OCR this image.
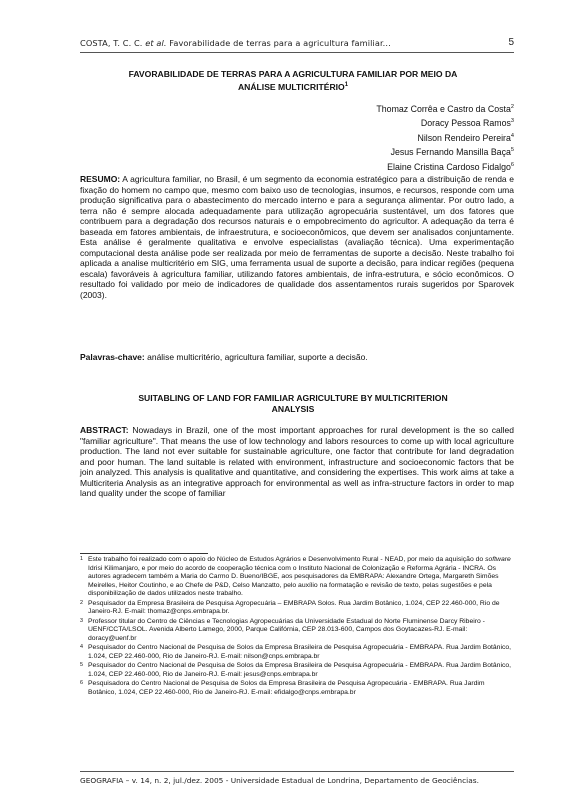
COSTA, T. C. C. et al. Favorabilidade de terras para a agricultura familiar...	5
FAVORABILIDADE DE TERRAS PARA A AGRICULTURA FAMILIAR POR MEIO DA
ANÁLISE MULTICRITÉRIO$^1$
Thomaz Corrêa e Castro da Costa$^2$
Doracy Pessoa Ramos$^3$
Nilson Rendeiro Pereira$^4$
Jesus Fernando Mansilla Baça$^5$
Elaine Cristina Cardoso Fidalgo$^6$
RESUMO: A agricultura familiar, no Brasil, é um segmento da economia estratégico para a distribuição de renda e fixação do homem no campo que, mesmo com baixo uso de tecnologias, insumos, e recursos, responde com uma produção significativa para o abastecimento do mercado interno e para a segurança alimentar. Por outro lado, a terra não é sempre alocada adequadamente para utilização agropecuária sustentável, um dos fatores que contribuem para a degradação dos recursos naturais e o empobrecimento do agricultor. A adequação da terra é baseada em fatores ambientais, de infraestrutura, e socioeconômicos, que devem ser analisados conjuntamente. Esta análise é geralmente qualitativa e envolve especialistas (avaliação técnica). Uma experimentação computacional desta análise pode ser realizada por meio de ferramentas de suporte a decisão. Neste trabalho foi aplicada a analise multicritério em SIG, uma ferramenta usual de suporte a decisão, para indicar regiões (pequena escala) favoráveis à agricultura familiar, utilizando fatores ambientais, de infra-estrutura, e sócio econômicos. O resultado foi validado por meio de indicadores de qualidade dos assentamentos rurais sugeridos por Sparovek (2003).
Palavras-chave: análise multicritério, agricultura familiar, suporte a decisão.
SUITABLING OF LAND FOR FAMILIAR AGRICULTURE BY MULTICRITERION
ANALYSIS
ABSTRACT: Nowadays in Brazil, one of the most important approaches for rural development is the so called "familiar agriculture". That means the use of low technology and labors resources to come up with local agriculture production. The land not ever suitable for sustainable agriculture, one factor that contribute for land degradation and poor human. The land suitable is related with environment, infrastructure and socioeconomic factors that be join analyzed. This analysis is qualitative and quantitative, and considering the expertises. This work aims at take a Multicriteria Analysis as an integrative approach for environmental as well as infra-structure factors in order to map land quality under the scope of familiar
1 Este trabalho foi realizado com o apoio do Núcleo de Estudos Agrários e Desenvolvimento Rural - NEAD, por meio da aquisição do software Idrisi Kilimanjaro, e por meio do acordo de cooperação técnica com o Instituto Nacional de Colonização e Reforma Agrária - INCRA. Os autores agradecem também a Maria do Carmo D. Bueno/IBGE, aos pesquisadores da EMBRAPA: Alexandre Ortega, Margareth Simões Meirelles, Heitor Coutinho, e ao Chefe de P&D, Celso Manzatto, pelo auxílio na formatação e revisão de texto, pelas sugestões e pela disponibilização de dados utilizados neste trabalho.
2 Pesquisador da Empresa Brasileira de Pesquisa Agropecuária – EMBRAPA Solos. Rua Jardim Botânico, 1.024, CEP 22.460-000, Rio de Janeiro-RJ. E-mail: thomaz@cnps.embrapa.br.
3 Professor titular do Centro de Ciências e Tecnologias Agropecuárias da Universidade Estadual do Norte Fluminense Darcy Ribeiro - UENF/CCTA/LSOL. Avenida Alberto Lamego, 2000, Parque Califórnia, CEP 28.013-600, Campos dos Goytacazes-RJ. E-mail: doracy@uenf.br
4 Pesquisador do Centro Nacional de Pesquisa de Solos da Empresa Brasileira de Pesquisa Agropecuária - EMBRAPA. Rua Jardim Botânico, 1.024, CEP 22.460-000, Rio de Janeiro-RJ. E-mail: nilson@cnps.embrapa.br
5 Pesquisador do Centro Nacional de Pesquisa de Solos da Empresa Brasileira de Pesquisa Agropecuária - EMBRAPA. Rua Jardim Botânico, 1.024, CEP 22.460-000, Rio de Janeiro-RJ. E-mail: jesus@cnps.embrapa.br
6 Pesquisadora do Centro Nacional de Pesquisa de Solos da Empresa Brasileira de Pesquisa Agropecuária - EMBRAPA. Rua Jardim Botânico, 1.024, CEP 22.460-000, Rio de Janeiro-RJ. E-mail: efidalgo@cnps.embrapa.br
GEOGRAFIA – v. 14, n. 2, jul./dez. 2005 - Universidade Estadual de Londrina, Departamento de Geociências.
